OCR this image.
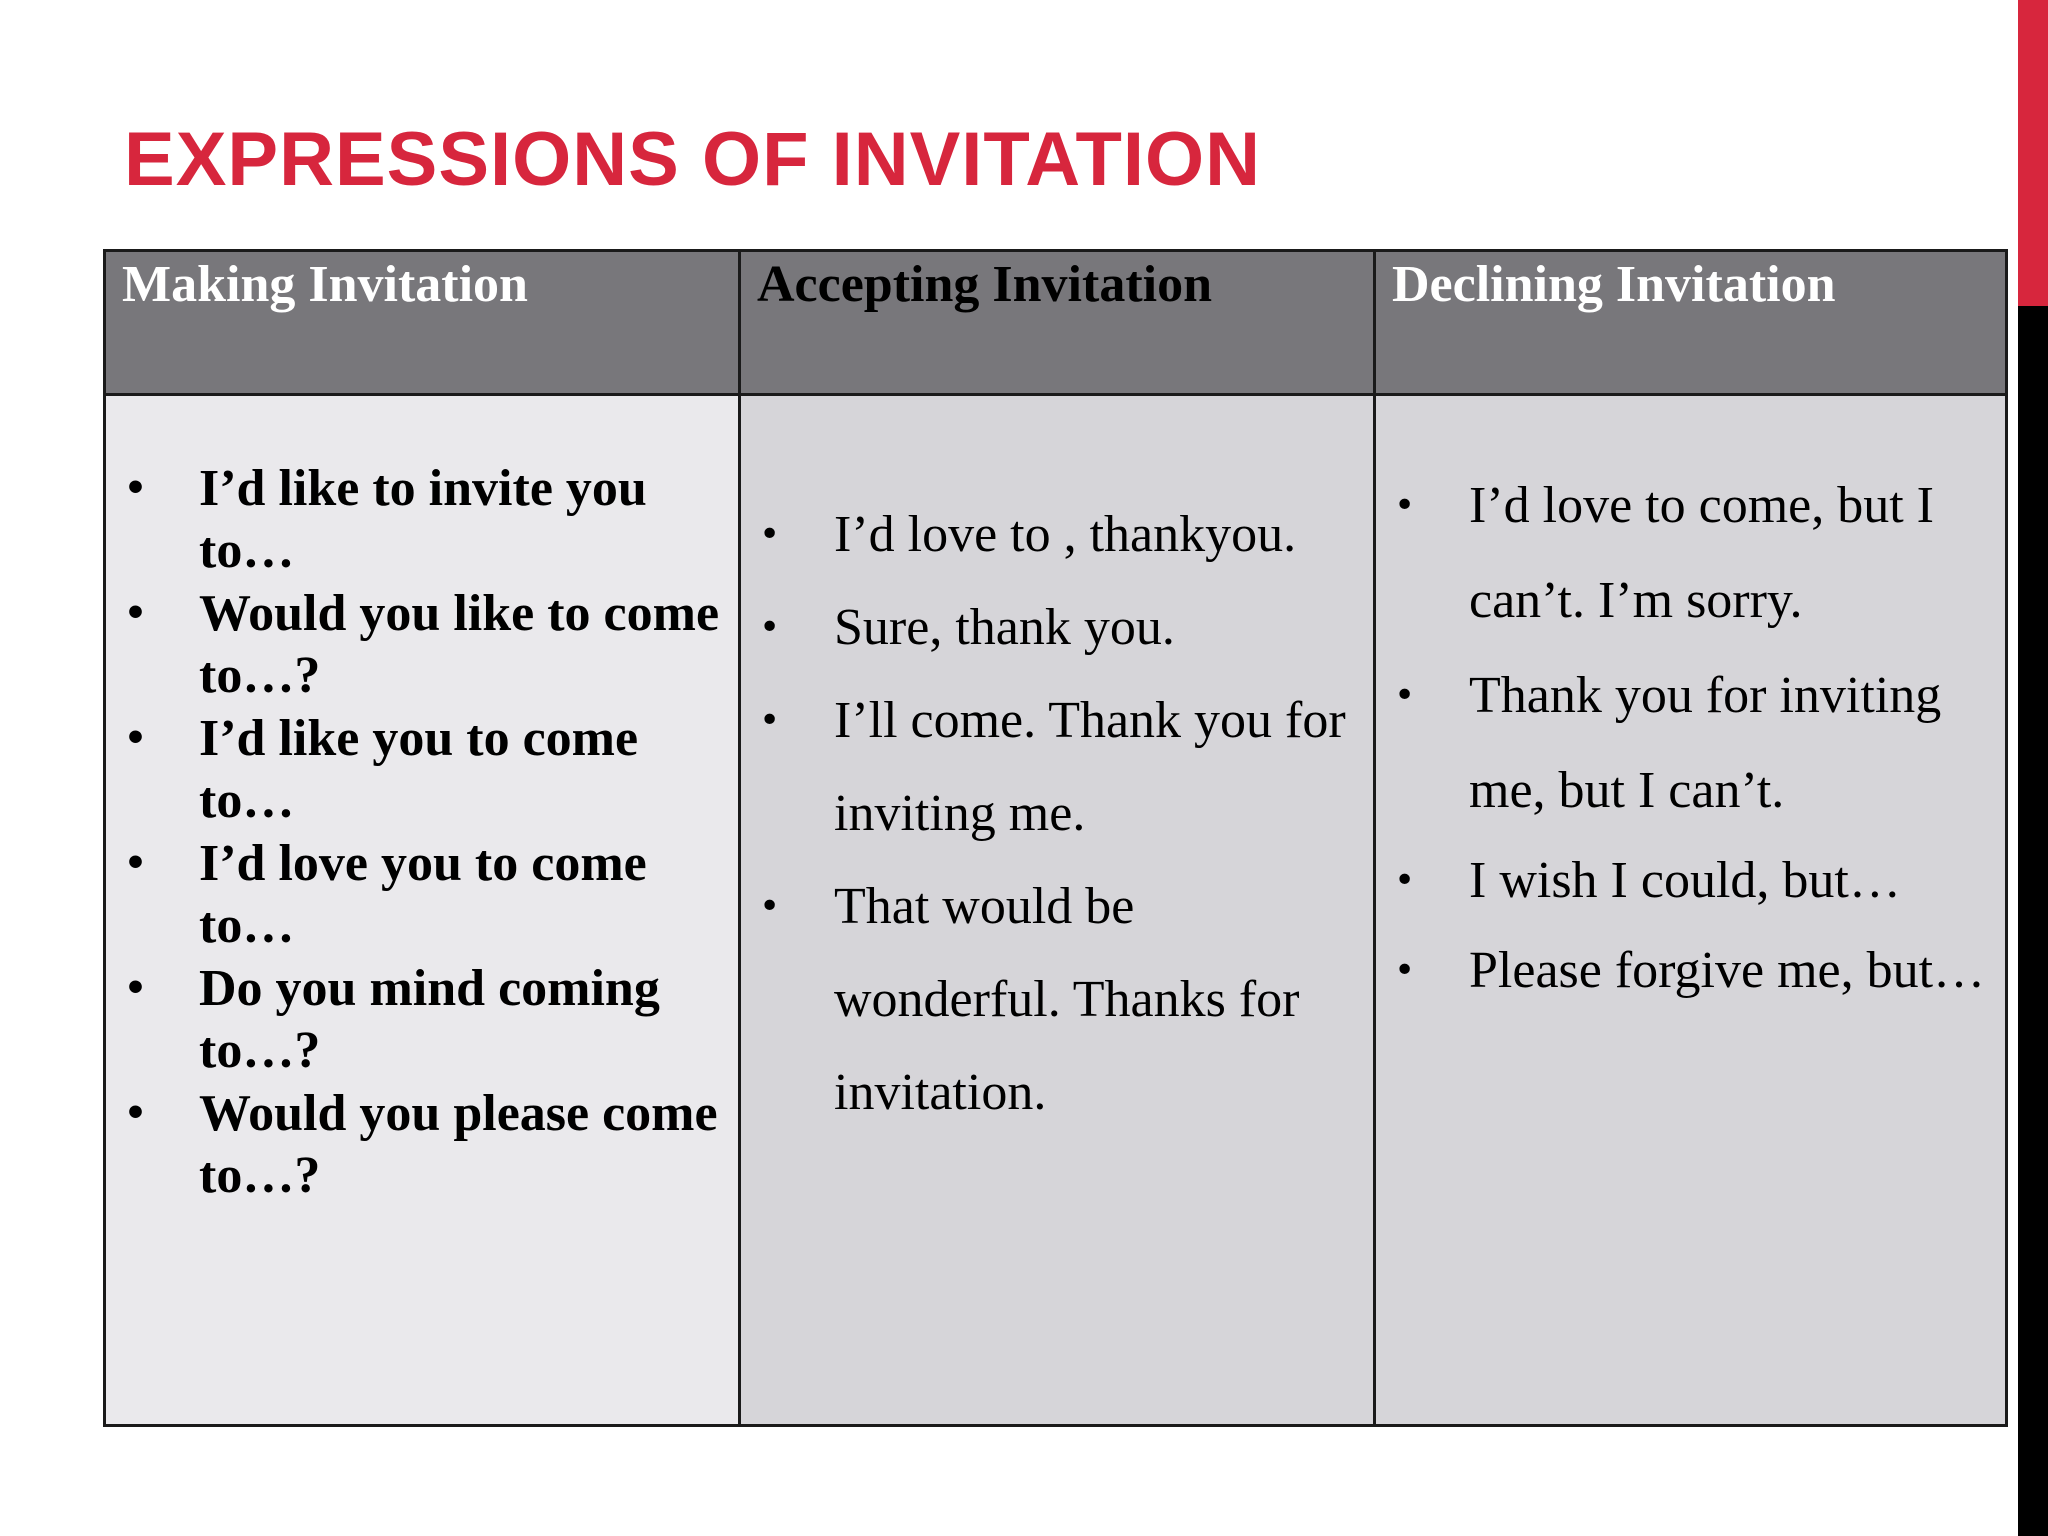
EXPRESSIONS OF INVITATION
Making Invitation	Accepting Invitation	Declining Invitation
• I’d like to invite you to…
• Would you like to come to…?
• I’d like you to come to…
• I’d love you to come to…
• Do you mind coming to…?
• Would you please come to…?
• I’d love to , thankyou.
• Sure, thank you.
• I’ll come. Thank you for inviting me.
• That would be wonderful. Thanks for invitation.
• I’d love to come, but I can’t. I’m sorry.
• Thank you for inviting me, but I can’t.
• I wish I could, but…
• Please forgive me, but…
